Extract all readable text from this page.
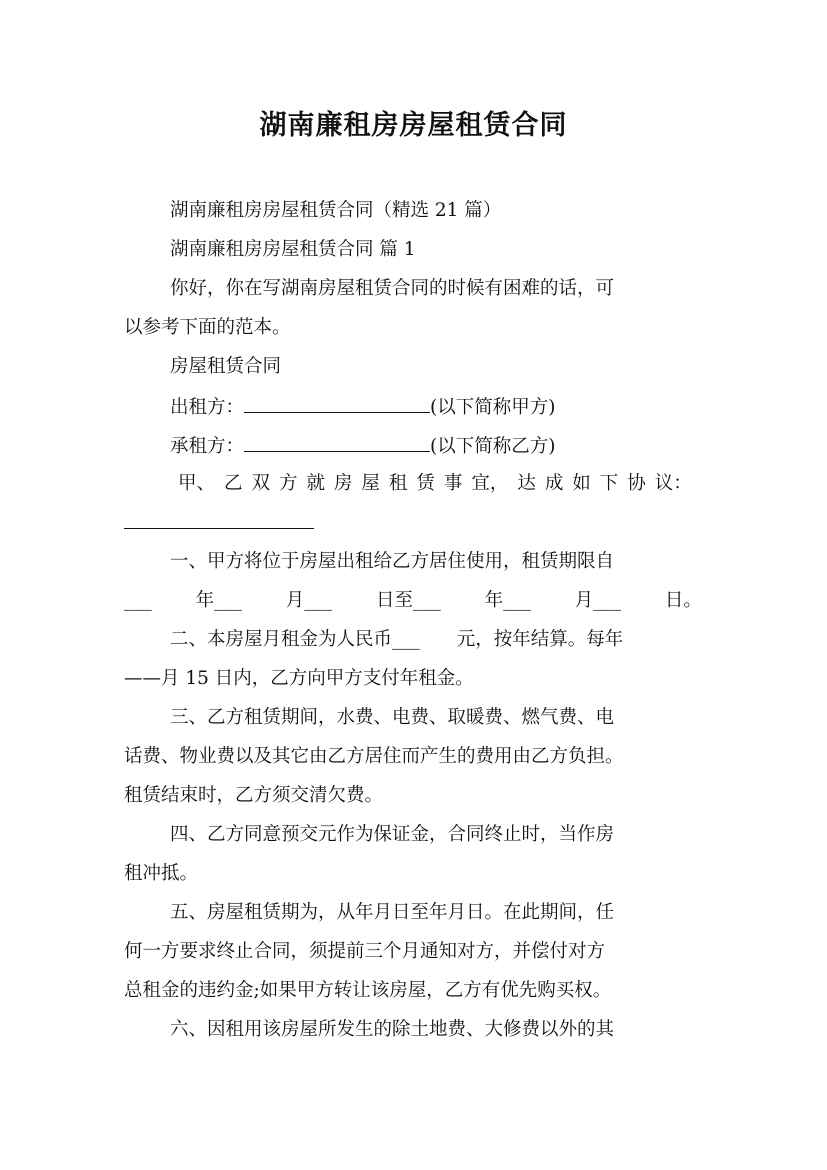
湖南廉租房房屋租赁合同
湖南廉租房房屋租赁合同（精选 21 篇）
湖南廉租房房屋租赁合同 篇 1
你好，你在写湖南房屋租赁合同的时候有困难的话，可
以参考下面的范本。
房屋租赁合同
出租方：	(以下简称甲方)
承租方：	(以下简称乙方)
甲、 乙 双 方 就 房 屋 租 赁 事 宜， 达 成 如 下 协 议：
一、甲方将位于房屋出租给乙方居住使用，租赁期限自
___ 年___ 月___ 日至___ 年___ 月___ 日。
二、本房屋月租金为人民币___　　元，按年结算。每年
——月 15 日内，乙方向甲方支付年租金。
三、乙方租赁期间，水费、电费、取暖费、燃气费、电
话费、物业费以及其它由乙方居住而产生的费用由乙方负担。
租赁结束时，乙方须交清欠费。
四、乙方同意预交元作为保证金，合同终止时，当作房
租冲抵。
五、房屋租赁期为，从年月日至年月日。在此期间，任
何一方要求终止合同，须提前三个月通知对方，并偿付对方
总租金的违约金;如果甲方转让该房屋，乙方有优先购买权。
六、因租用该房屋所发生的除土地费、大修费以外的其
